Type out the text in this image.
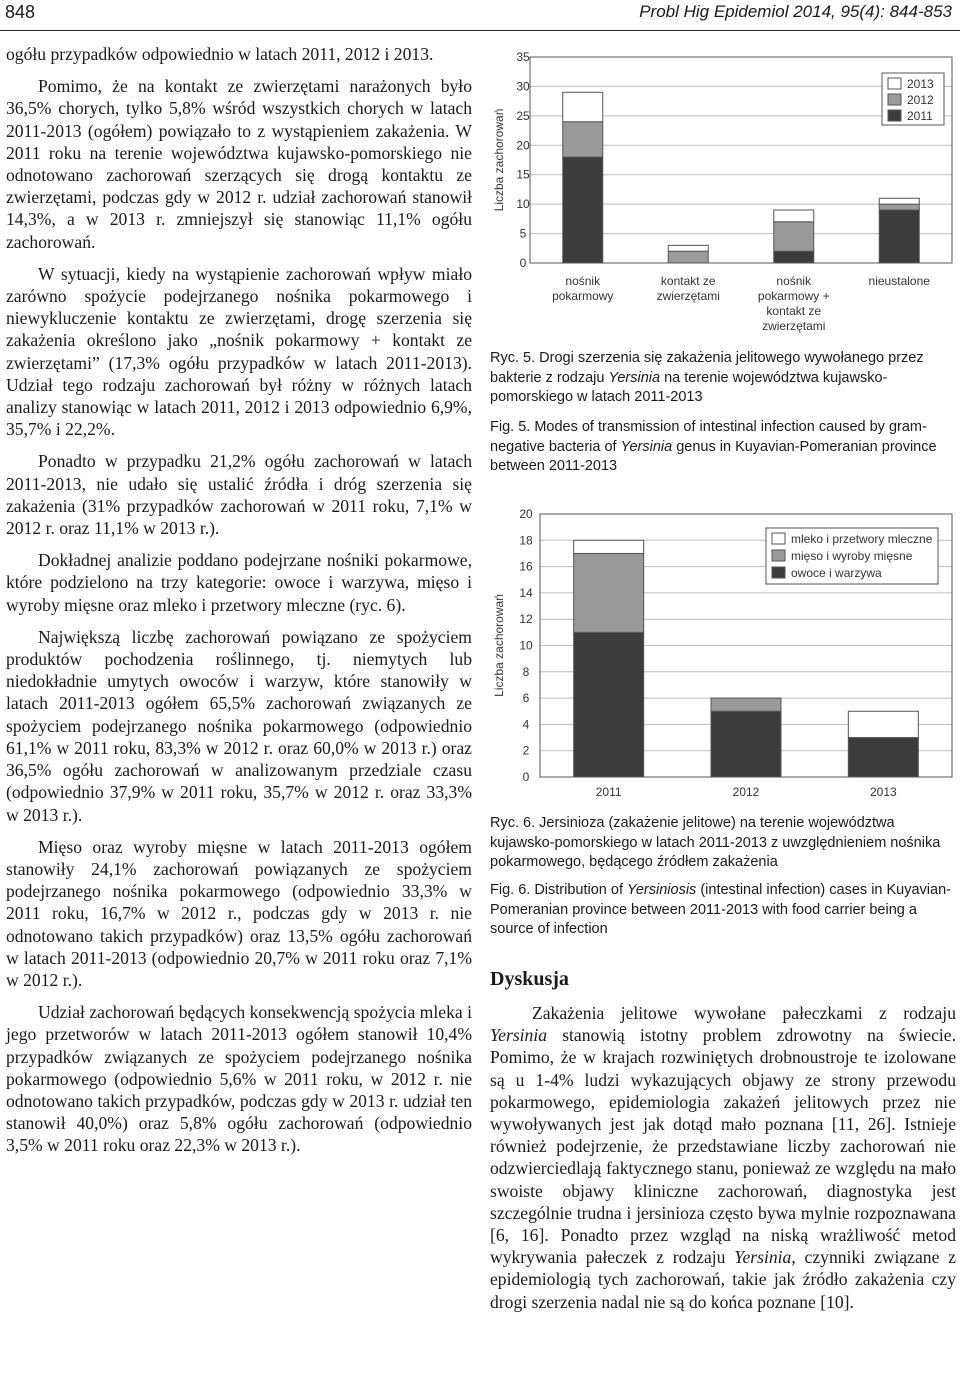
848	Probl Hig Epidemiol 2014, 95(4): 844-853

ogółu przypadków odpowiednio w latach 2011, 2012 i 2013.

Pomimo, że na kontakt ze zwierzętami narażonych było 36,5% chorych, tylko 5,8% wśród wszystkich chorych w latach 2011-2013 (ogółem) powiązało to z wystąpieniem zakażenia. W 2011 roku na terenie województwa kujawsko-pomorskiego nie odnotowano zachorowań szerzących się drogą kontaktu ze zwierzętami, podczas gdy w 2012 r. udział zachorowań stanowił 14,3%, a w 2013 r. zmniejszył się stanowiąc 11,1% ogółu zachorowań.

W sytuacji, kiedy na wystąpienie zachorowań wpływ miało zarówno spożycie podejrzanego nośnika pokarmowego i niewykluczenie kontaktu ze zwierzętami, drogę szerzenia się zakażenia określono jako „nośnik pokarmowy + kontakt ze zwierzętami” (17,3% ogółu przypadków w latach 2011-2013). Udział tego rodzaju zachorowań był różny w różnych latach analizy stanowiąc w latach 2011, 2012 i 2013 odpowiednio 6,9%, 35,7% i 22,2%.

Ponadto w przypadku 21,2% ogółu zachorowań w latach 2011-2013, nie udało się ustalić źródła i dróg szerzenia się zakażenia (31% przypadków zachorowań w 2011 roku, 7,1% w 2012 r. oraz 11,1% w 2013 r.).

Dokładnej analizie poddano podejrzane nośniki pokarmowe, które podzielono na trzy kategorie: owoce i warzywa, mięso i wyroby mięsne oraz mleko i przetwory mleczne (ryc. 6).

Największą liczbę zachorowań powiązano ze spożyciem produktów pochodzenia roślinnego, tj. niemytych lub niedokładnie umytych owoców i warzyw, które stanowiły w latach 2011-2013 ogółem 65,5% zachorowań związanych ze spożyciem podejrzanego nośnika pokarmowego (odpowiednio 61,1% w 2011 roku, 83,3% w 2012 r. oraz 60,0% w 2013 r.) oraz 36,5% ogółu zachorowań w analizowanym przedziale czasu (odpowiednio 37,9% w 2011 roku, 35,7% w 2012 r. oraz 33,3% w 2013 r.).

Mięso oraz wyroby mięsne w latach 2011-2013 ogółem stanowiły 24,1% zachorowań powiązanych ze spożyciem podejrzanego nośnika pokarmowego (odpowiednio 33,3% w 2011 roku, 16,7% w 2012 r., podczas gdy w 2013 r. nie odnotowano takich przypadków) oraz 13,5% ogółu zachorowań w latach 2011-2013 (odpowiednio 20,7% w 2011 roku oraz 7,1% w 2012 r.).

Udział zachorowań będących konsekwencją spożycia mleka i jego przetworów w latach 2011-2013 ogółem stanowił 10,4% przypadków związanych ze spożyciem podejrzanego nośnika pokarmowego (odpowiednio 5,6% w 2011 roku, w 2012 r. nie odnotowano takich przypadków, podczas gdy w 2013 r. udział ten stanowił 40,0%) oraz 5,8% ogółu zachorowań (odpowiednio 3,5% w 2011 roku oraz 22,3% w 2013 r.).

Liczba zachorowań
0
5
10
15
20
25
30
35
nośnik
pokarmowy
kontakt ze
zwierzętami
nośnik
pokarmowy +
kontakt ze
zwierzętami
nieustalone
2013
2012
2011
Ryc. 5. Drogi szerzenia się zakażenia jelitowego wywołanego przez bakterie z rodzaju Yersinia na terenie województwa kujawsko-pomorskiego w latach 2011-2013
Fig. 5. Modes of transmission of intestinal infection caused by gram-negative bacteria of Yersinia genus in Kuyavian-Pomeranian province between 2011-2013
Liczba zachorowań
0
2
4
6
8
10
12
14
16
18
20
2011	2012	2013
mleko i przetwory mleczne
mięso i wyroby mięsne
owoce i warzywa
Ryc. 6. Jersinioza (zakażenie jelitowe) na terenie województwa kujawsko-pomorskiego w latach 2011-2013 z uwzględnieniem nośnika pokarmowego, będącego źródłem zakażenia
Fig. 6. Distribution of Yersiniosis (intestinal infection) cases in Kuyavian-Pomeranian province between 2011-2013 with food carrier being a source of infection
Dyskusja

Zakażenia jelitowe wywołane pałeczkami z rodzaju Yersinia stanowią istotny problem zdrowotny na świecie. Pomimo, że w krajach rozwiniętych drobnoustroje te izolowane są u 1-4% ludzi wykazujących objawy ze strony przewodu pokarmowego, epidemiologia zakażeń jelitowych przez nie wywoływanych jest jak dotąd mało poznana [11, 26]. Istnieje również podejrzenie, że przedstawiane liczby zachorowań nie odzwierciedlają faktycznego stanu, ponieważ ze względu na mało swoiste objawy kliniczne zachorowań, diagnostyka jest szczególnie trudna i jersinioza często bywa mylnie rozpoznawana [6, 16]. Ponadto przez wzgląd na niską wrażliwość metod wykrywania pałeczek z rodzaju Yersinia, czynniki związane z epidemiologią tych zachorowań, takie jak źródło zakażenia czy drogi szerzenia nadal nie są do końca poznane [10].
